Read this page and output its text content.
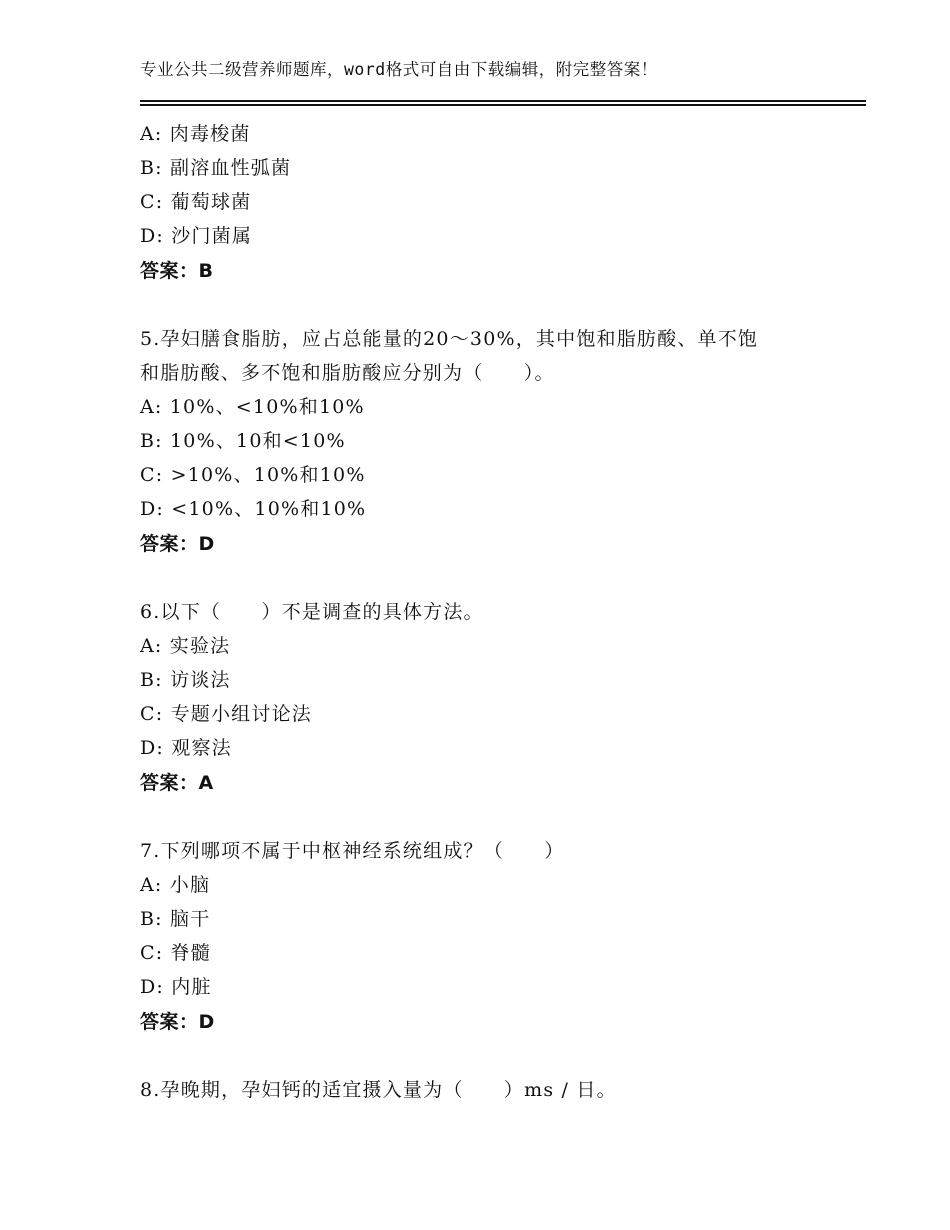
专业公共二级营养师题库，word格式可自由下载编辑，附完整答案！
A: 肉毒梭菌
B: 副溶血性弧菌
C: 葡萄球菌
D: 沙门菌属
答案：B
5.孕妇膳食脂肪，应占总能量的20～30%，其中饱和脂肪酸、单不饱
和脂肪酸、多不饱和脂肪酸应分别为（　　）。
A: 10%、<10%和10%
B: 10%、10和<10%
C: >10%、10%和10%
D: <10%、10%和10%
答案：D
6.以下（　　）不是调查的具体方法。
A: 实验法
B: 访谈法
C: 专题小组讨论法
D: 观察法
答案：A
7.下列哪项不属于中枢神经系统组成？（　　）
A: 小脑
B: 脑干
C: 脊髓
D: 内脏
答案：D
8.孕晚期，孕妇钙的适宜摄入量为（　　）ms / 日。
